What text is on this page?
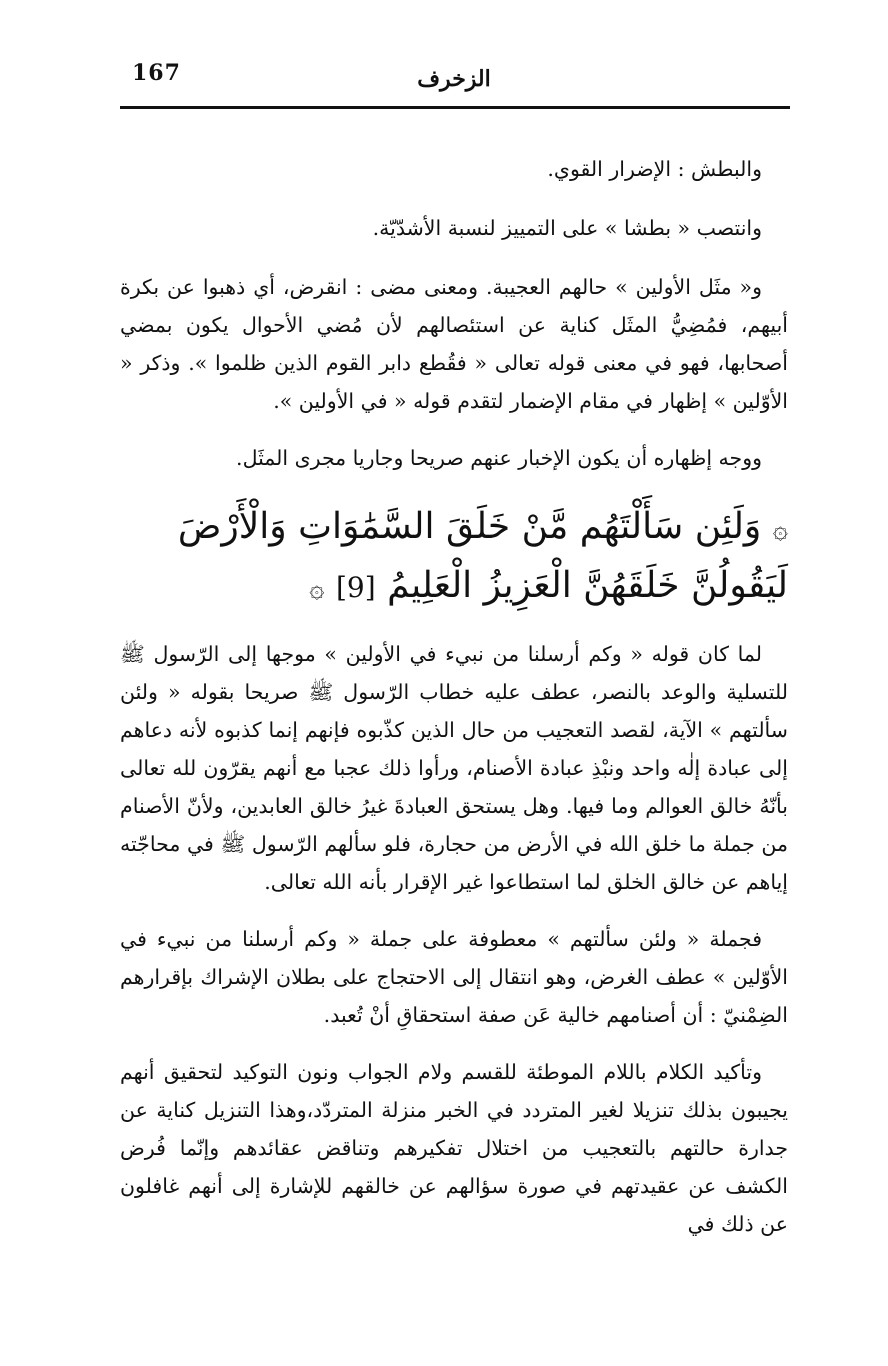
167	الزخرف

والبطش : الإضرار القوي.

وانتصب « بطشا » على التمييز لنسبة الأشدّيّة.

و« مثَل الأولين » حالهم العجيبة. ومعنى مضى : انقرض، أي ذهبوا عن بكرة أبيهم، فمُضِيُّ المثَل كناية عن استئصالهم لأن مُضي الأحوال يكون بمضي أصحابها، فهو في معنى قوله تعالى « فقُطع دابر القوم الذين ظلموا ». وذكر « الأوّلين » إظهار في مقام الإضمار لتقدم قوله « في الأولين ».

ووجه إظهاره أن يكون الإخبار عنهم صريحا وجاريا مجرى المثَل.

۞ وَلَئِن سَأَلْتَهُم مَّنْ خَلَقَ السَّمَٰوَاتِ وَالْأَرْضَ لَيَقُولُنَّ خَلَقَهُنَّ الْعَزِيزُ الْعَلِيمُ [9] ۞

لما كان قوله « وكم أرسلنا من نبيء في الأولين » موجها إلى الرّسول ﷺ للتسلية والوعد بالنصر، عطف عليه خطاب الرّسول ﷺ صريحا بقوله « ولئن سألتهم » الآية، لقصد التعجيب من حال الذين كذّبوه فإنهم إنما كذبوه لأنه دعاهم إلى عبادة إلٰه واحد ونبْذِ عبادة الأصنام، ورأوا ذلك عجبا مع أنهم يقرّون لله تعالى بأنّهُ خالق العوالم وما فيها. وهل يستحق العبادةَ غيرُ خالق العابدين، ولأنّ الأصنام من جملة ما خلق الله في الأرض من حجارة، فلو سألهم الرّسول ﷺ في محاجّته إياهم عن خالق الخلق لما استطاعوا غير الإقرار بأنه الله تعالى.

فجملة « ولئن سألتهم » معطوفة على جملة « وكم أرسلنا من نبيء في الأوّلين » عطف الغرض، وهو انتقال إلى الاحتجاج على بطلان الإشراك بإقرارهم الضِمْنيّ : أن أصنامهم خالية عَن صفة استحقاقِ أنْ تُعبد.

وتأكيد الكلام باللام الموطئة للقسم ولام الجواب ونون التوكيد لتحقيق أنهم يجيبون بذلك تنزيلا لغير المتردد في الخبر منزلة المتردّد،وهذا التنزيل كناية عن جدارة حالتهم بالتعجيب من اختلال تفكيرهم وتناقض عقائدهم وإنّما فُرض الكشف عن عقيدتهم في صورة سؤالهم عن خالقهم للإشارة إلى أنهم غافلون عن ذلك في
